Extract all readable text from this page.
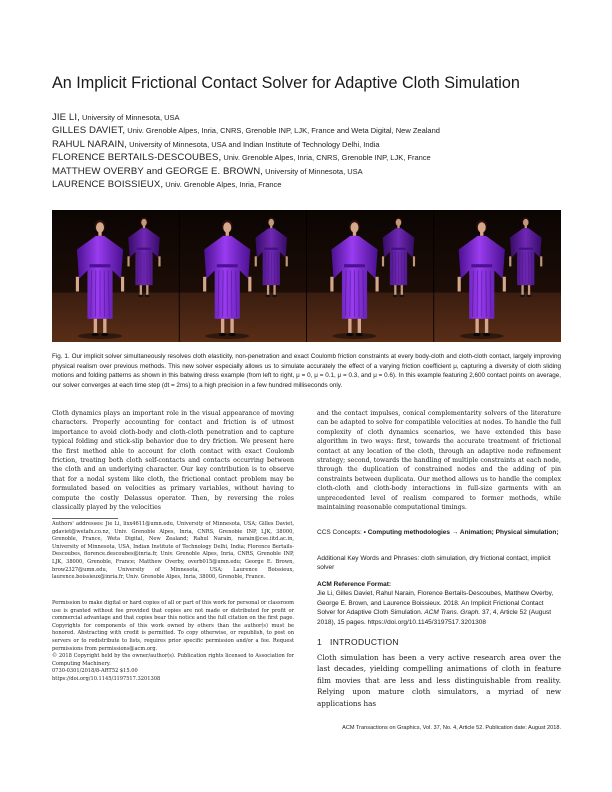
An Implicit Frictional Contact Solver for Adaptive Cloth Simulation
JIE LI, University of Minnesota, USA
GILLES DAVIET, Univ. Grenoble Alpes, Inria, CNRS, Grenoble INP, LJK, France and Weta Digital, New Zealand
RAHUL NARAIN, University of Minnesota, USA and Indian Institute of Technology Delhi, India
FLORENCE BERTAILS-DESCOUBES, Univ. Grenoble Alpes, Inria, CNRS, Grenoble INP, LJK, France
MATTHEW OVERBY and GEORGE E. BROWN, University of Minnesota, USA
LAURENCE BOISSIEUX, Univ. Grenoble Alpes, Inria, France
Fig. 1. Our implicit solver simultaneously resolves cloth elasticity, non-penetration and exact Coulomb friction constraints at every body-cloth and cloth-cloth contact, largely improving physical realism over previous methods. This new solver especially allows us to simulate accurately the effect of a varying friction coefficient μ, capturing a diversity of cloth sliding motions and folding patterns as shown in this batwing dress example (from left to right, μ = 0, μ = 0.1, μ = 0.3, and μ = 0.6). In this example featuring 2,600 contact points on average, our solver converges at each time step (dt = 2ms) to a high precision in a few hundred milliseconds only.

Cloth dynamics plays an important role in the visual appearance of moving characters. Properly accounting for contact and friction is of utmost importance to avoid cloth-body and cloth-cloth penetration and to capture typical folding and stick-slip behavior due to dry friction. We present here the first method able to account for cloth contact with exact Coulomb friction, treating both cloth self-contacts and contacts occurring between the cloth and an underlying character. Our key contribution is to observe that for a nodal system like cloth, the frictional contact problem may be formulated based on velocities as primary variables, without having to compute the costly Delassus operator. Then, by reversing the roles classically played by the velocities

Authors' addresses: Jie Li, lixx4611@umn.edu, University of Minnesota, USA; Gilles Daviet, gdaviet@wetafx.co.nz, Univ. Grenoble Alpes, Inria, CNRS, Grenoble INP, LJK, 38000, Grenoble, France, Weta Digital, New Zealand; Rahul Narain, narain@cse.iitd.ac.in, University of Minnesota, USA, Indian Institute of Technology Delhi, India; Florence Bertails-Descoubes, florence.descoubes@inria.fr, Univ. Grenoble Alpes, Inria, CNRS, Grenoble INP, LJK, 38000, Grenoble, France; Matthew Overby, overb015@umn.edu; George E. Brown, brow2327@umn.edu, University of Minnesota, USA; Laurence Boissieux, laurence.boissieux@inria.fr, Univ. Grenoble Alpes, Inria, 38000, Grenoble, France.

Permission to make digital or hard copies of all or part of this work for personal or classroom use is granted without fee provided that copies are not made or distributed for profit or commercial advantage and that copies bear this notice and the full citation on the first page. Copyrights for components of this work owned by others than the author(s) must be honored. Abstracting with credit is permitted. To copy otherwise, or republish, to post on servers or to redistribute to lists, requires prior specific permission and/or a fee. Request permissions from permissions@acm.org.

© 2018 Copyright held by the owner/author(s). Publication rights licensed to Association for Computing Machinery.

0730-0301/2018/8-ART52 $15.00

https://doi.org/10.1145/3197517.3201308

and the contact impulses, conical complementarity solvers of the literature can be adapted to solve for compatible velocities at nodes. To handle the full complexity of cloth dynamics scenarios, we have extended this base algorithm in two ways: first, towards the accurate treatment of frictional contact at any location of the cloth, through an adaptive node refinement strategy; second, towards the handling of multiple constraints at each node, through the duplication of constrained nodes and the adding of pin constraints between duplicata. Our method allows us to handle the complex cloth-cloth and cloth-body interactions in full-size garments with an unprecedented level of realism compared to former methods, while maintaining reasonable computational timings.

CCS Concepts: • Computing methodologies → Animation; Physical simulation;

Additional Key Words and Phrases: cloth simulation, dry frictional contact, implicit solver

ACM Reference Format:

Jie Li, Gilles Daviet, Rahul Narain, Florence Bertails-Descoubes, Matthew Overby, George E. Brown, and Laurence Boissieux. 2018. An Implicit Frictional Contact Solver for Adaptive Cloth Simulation. ACM Trans. Graph. 37, 4, Article 52 (August 2018), 15 pages. https://doi.org/10.1145/3197517.3201308

1 INTRODUCTION

Cloth simulation has been a very active research area over the last decades, yielding compelling animations of cloth in feature film movies that are less and less distinguishable from reality. Relying upon mature cloth simulators, a myriad of new applications has

ACM Transactions on Graphics, Vol. 37, No. 4, Article 52. Publication date: August 2018.
